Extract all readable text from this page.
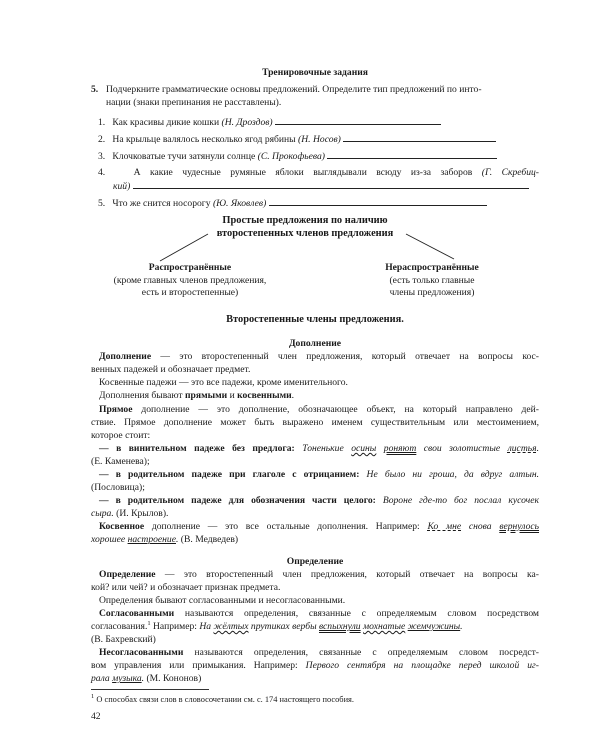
Тренировочные задания
5. Подчеркните грамматические основы предложений. Определите тип предложений по инто-
нации (знаки препинания не расставлены).
1. Как красивы дикие кошки (Н. Дроздов)
2. На крыльце валялось несколько ягод рябины (Н. Носов)
3. Клочковатые тучи затянули солнце (С. Прокофьева)
4.	А какие чудесные румяные яблоки выглядывали всюду из-за заборов (Г. Скребиц-
кий)
5. Что же снится носорогу (Ю. Яковлев)
Простые предложения по наличию
второстепенных членов предложения
Распространённые
(кроме главных членов предложения,
есть и второстепенные)
Нераспространённые
(есть только главные
члены предложения)
Второстепенные члены предложения.
Дополнение
Дополнение — это второстепенный член предложения, который отвечает на вопросы кос-
венных падежей и обозначает предмет.
Косвенные падежи — это все падежи, кроме именительного.
Дополнения бывают прямыми и косвенными.
Прямое дополнение — это дополнение, обозначающее объект, на который направлено дей-
ствие. Прямое дополнение может быть выражено именем существительным или местоимением,
которое стоит:
— в винительном падеже без предлога: Тоненькие осины роняют свои золотистые листья.
(Е. Каменева);
— в родительном падеже при глаголе с отрицанием: Не было ни гроша, да вдруг алтын.
(Пословица);
— в родительном падеже для обозначения части целого: Вороне где-то бог послал кусочек
сыра. (И. Крылов).
Косвенное дополнение — это все остальные дополнения. Например: Ко мне снова вернулось
хорошее настроение. (В. Медведев)
Определение
Определение — это второстепенный член предложения, который отвечает на вопросы ка-
кой? или чей? и обозначает признак предмета.
Определения бывают согласованными и несогласованными.
Согласованными называются определения, связанные с определяемым словом посредством
согласования.$^1$ Например: На жёлтых прутиках вербы вспыхнули мохнатые жемчужины.
(В. Бахревский)
Несогласованными называются определения, связанные с определяемым словом посредст-
вом управления или примыкания. Например: Первого сентября на площадке перед школой иг-
рала музыка. (М. Кононов)
$^1$ О способах связи слов в словосочетании см. с. 174 настоящего пособия.
42
